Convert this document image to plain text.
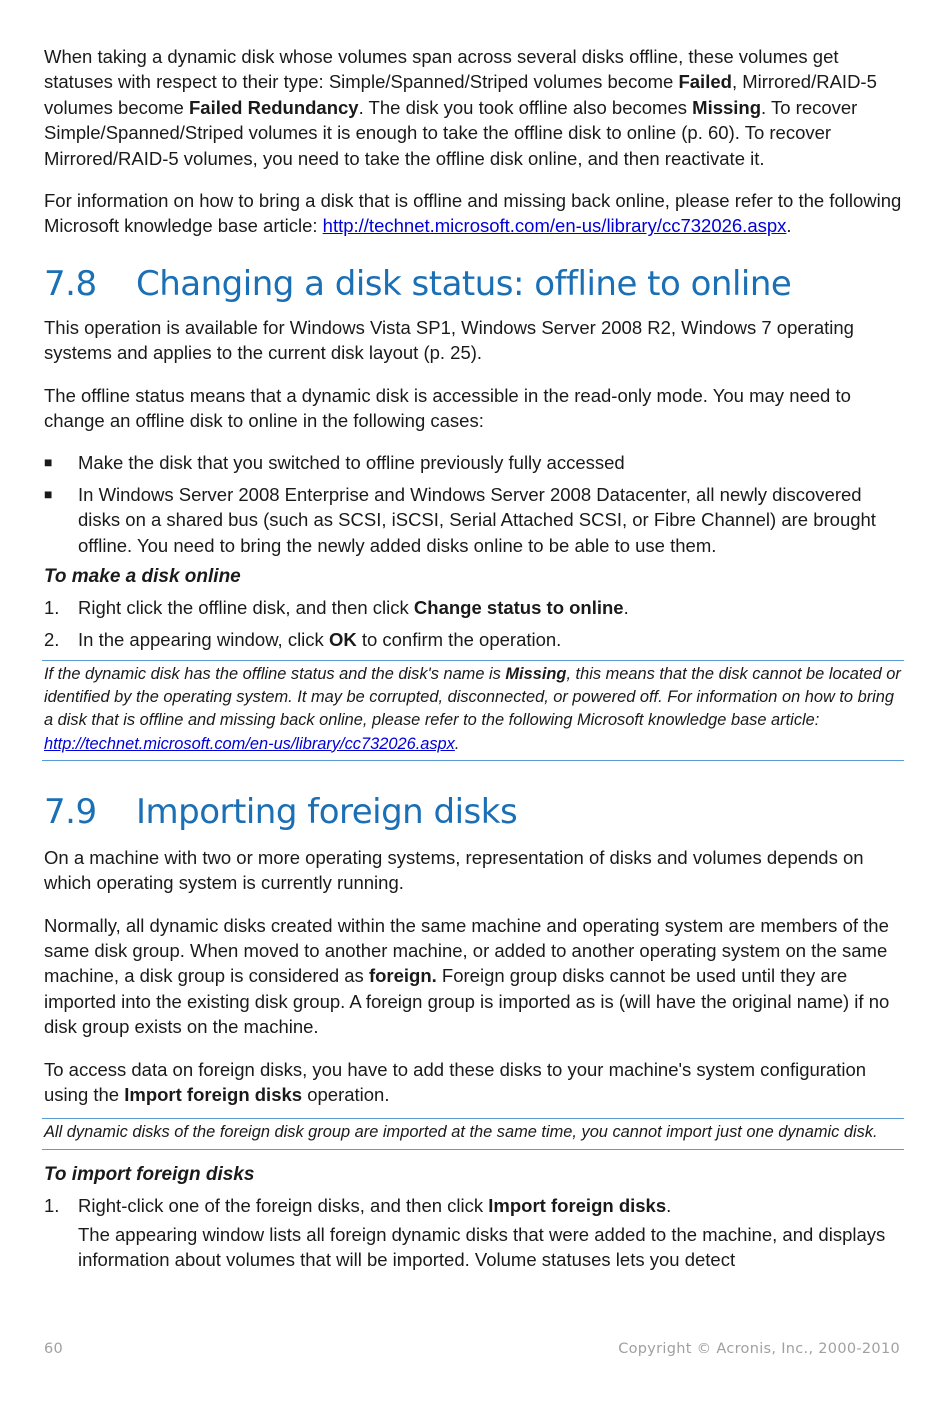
When taking a dynamic disk whose volumes span across several disks offline, these volumes get statuses with respect to their type: Simple/Spanned/Striped volumes become Failed, Mirrored/RAID-5 volumes become Failed Redundancy. The disk you took offline also becomes Missing. To recover Simple/Spanned/Striped volumes it is enough to take the offline disk to online (p. 60). To recover Mirrored/RAID-5 volumes, you need to take the offline disk online, and then reactivate it.

For information on how to bring a disk that is offline and missing back online, please refer to the following Microsoft knowledge base article: http://technet.microsoft.com/en-us/library/cc732026.aspx.

7.8 Changing a disk status: offline to online

This operation is available for Windows Vista SP1, Windows Server 2008 R2, Windows 7 operating systems and applies to the current disk layout (p. 25).

The offline status means that a dynamic disk is accessible in the read-only mode. You may need to change an offline disk to online in the following cases:

■ Make the disk that you switched to offline previously fully accessed
■ In Windows Server 2008 Enterprise and Windows Server 2008 Datacenter, all newly discovered disks on a shared bus (such as SCSI, iSCSI, Serial Attached SCSI, or Fibre Channel) are brought offline. You need to bring the newly added disks online to be able to use them.
To make a disk online
1. Right click the offline disk, and then click Change status to online.
2. In the appearing window, click OK to confirm the operation.

If the dynamic disk has the offline status and the disk's name is Missing, this means that the disk cannot be located or identified by the operating system. It may be corrupted, disconnected, or powered off. For information on how to bring a disk that is offline and missing back online, please refer to the following Microsoft knowledge base article: http://technet.microsoft.com/en-us/library/cc732026.aspx.

7.9 Importing foreign disks

On a machine with two or more operating systems, representation of disks and volumes depends on which operating system is currently running.

Normally, all dynamic disks created within the same machine and operating system are members of the same disk group. When moved to another machine, or added to another operating system on the same machine, a disk group is considered as foreign. Foreign group disks cannot be used until they are imported into the existing disk group. A foreign group is imported as is (will have the original name) if no disk group exists on the machine.

To access data on foreign disks, you have to add these disks to your machine's system configuration using the Import foreign disks operation.

All dynamic disks of the foreign disk group are imported at the same time, you cannot import just one dynamic disk.

To import foreign disks
1. Right-click one of the foreign disks, and then click Import foreign disks.

The appearing window lists all foreign dynamic disks that were added to the machine, and displays information about volumes that will be imported. Volume statuses lets you detect

60	Copyright © Acronis, Inc., 2000-2010
